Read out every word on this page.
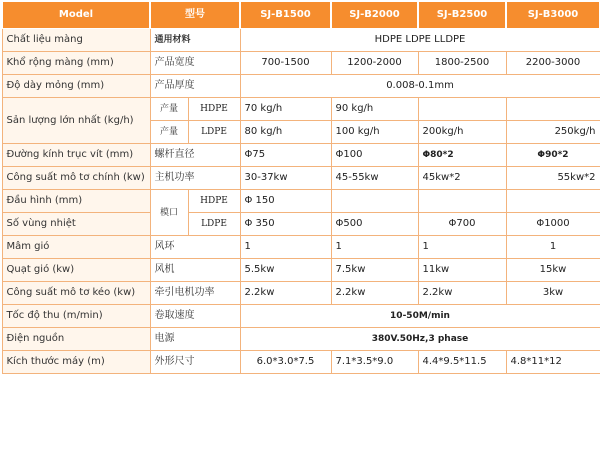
Model	型号		SJ-B1500	SJ-B2000	SJ-B2500	SJ-B3000
Chất liệu màng	通用材料		HDPE LDPE LLDPE			
Khổ rộng màng (mm)	产品宽度		700-1500	1200-2000	1800-2500	2200-3000
Độ dày mỏng (mm)	产品厚度		0.008-0.1mm			
Sản lượng lớn nhất (kg/h)	产量	HDPE	70 kg/h	90 kg/h		
	产量	LDPE	80 kg/h	100 kg/h	200kg/h	250kg/h
Đường kính trục vít (mm)	螺杆直径		Φ75	Φ100	Φ80*2	Φ90*2
Công suất mô tơ chính (kw)	主机功率		30-37kw	45-55kw	45kw*2	55kw*2
Đầu hình (mm)	模口	HDPE	Φ 150			
Số vùng nhiệt		LDPE	Φ 350	Φ500	Φ700	Φ1000
Mâm gió	风环		1	1	1	1
Quạt gió (kw)	风机		5.5kw	7.5kw	11kw	15kw
Công suất mô tơ kéo (kw)	牵引电机功率		2.2kw	2.2kw	2.2kw	3kw
Tốc độ thu (m/min)	卷取速度		10-50M/min			
Điện nguồn	电源		380V.50Hz,3 phase			
Kích thước máy (m)	外形尺寸		6.0*3.0*7.5	7.1*3.5*9.0	4.4*9.5*11.5	4.8*11*12
